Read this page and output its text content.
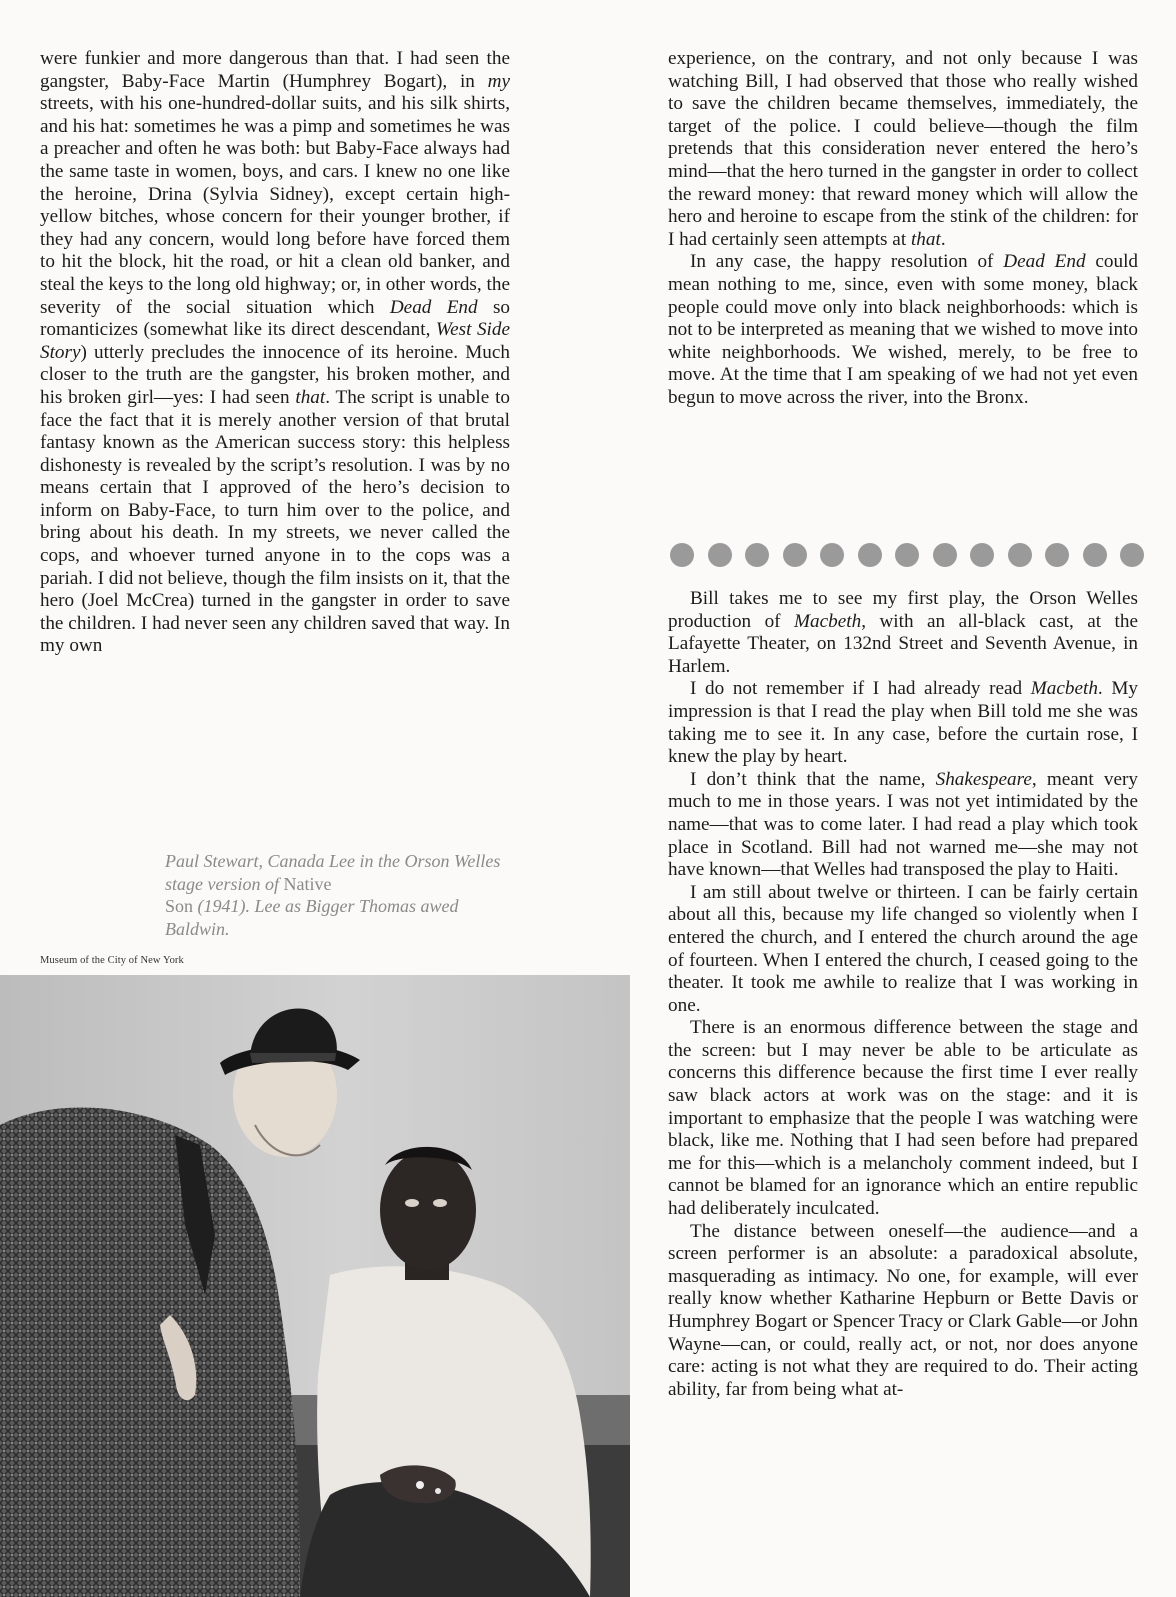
were funkier and more dangerous than that. I had seen the gangster, Baby-Face Martin (Humphrey Bogart), in my streets, with his one-hundred-dollar suits, and his silk shirts, and his hat: sometimes he was a pimp and sometimes he was a preacher and often he was both: but Baby-Face always had the same taste in women, boys, and cars. I knew no one like the heroine, Drina (Sylvia Sidney), except certain high-yellow bitches, whose concern for their younger brother, if they had any concern, would long before have forced them to hit the block, hit the road, or hit a clean old banker, and steal the keys to the long old highway; or, in other words, the severity of the social situation which Dead End so romanticizes (somewhat like its direct descendant, West Side Story) utterly precludes the innocence of its heroine. Much closer to the truth are the gangster, his broken mother, and his broken girl—yes: I had seen that. The script is unable to face the fact that it is merely another version of that brutal fantasy known as the American success story: this helpless dishonesty is revealed by the script’s resolution. I was by no means certain that I approved of the hero’s decision to inform on Baby-Face, to turn him over to the police, and bring about his death. In my streets, we never called the cops, and whoever turned anyone in to the cops was a pariah. I did not believe, though the film insists on it, that the hero (Joel McCrea) turned in the gangster in order to save the children. I had never seen any children saved that way. In my own

experience, on the contrary, and not only because I was watching Bill, I had observed that those who really wished to save the children became themselves, immediately, the target of the police. I could believe—though the film pretends that this consideration never entered the hero’s mind—that the hero turned in the gangster in order to collect the reward money: that reward money which will allow the hero and heroine to escape from the stink of the children: for I had certainly seen attempts at that.

In any case, the happy resolution of Dead End could mean nothing to me, since, even with some money, black people could move only into black neighborhoods: which is not to be interpreted as meaning that we wished to move into white neighborhoods. We wished, merely, to be free to move. At the time that I am speaking of we had not yet even begun to move across the river, into the Bronx.

Bill takes me to see my first play, the Orson Welles production of Macbeth, with an all-black cast, at the Lafayette Theater, on 132nd Street and Seventh Avenue, in Harlem.

I do not remember if I had already read Macbeth. My impression is that I read the play when Bill told me she was taking me to see it. In any case, before the curtain rose, I knew the play by heart.

I don’t think that the name, Shakespeare, meant very much to me in those years. I was not yet intimidated by the name—that was to come later. I had read a play which took place in Scotland. Bill had not warned me—she may not have known—that Welles had transposed the play to Haiti.

I am still about twelve or thirteen. I can be fairly certain about all this, because my life changed so violently when I entered the church, and I entered the church around the age of fourteen. When I entered the church, I ceased going to the theater. It took me awhile to realize that I was working in one.

There is an enormous difference between the stage and the screen: but I may never be able to be articulate as concerns this difference because the first time I ever really saw black actors at work was on the stage: and it is important to emphasize that the people I was watching were black, like me. Nothing that I had seen before had prepared me for this—which is a melancholy comment indeed, but I cannot be blamed for an ignorance which an entire republic had deliberately inculcated.

The distance between oneself—the audience—and a screen performer is an absolute: a paradoxical absolute, masquerading as intimacy. No one, for example, will ever really know whether Katharine Hepburn or Bette Davis or Humphrey Bogart or Spencer Tracy or Clark Gable—or John Wayne—can, or could, really act, or not, nor does anyone care: acting is not what they are required to do. Their acting ability, far from being what at-

Paul Stewart, Canada Lee in the Orson Welles stage version of Native
Son (1941). Lee as Bigger Thomas awed Baldwin.
Museum of the City of New York
